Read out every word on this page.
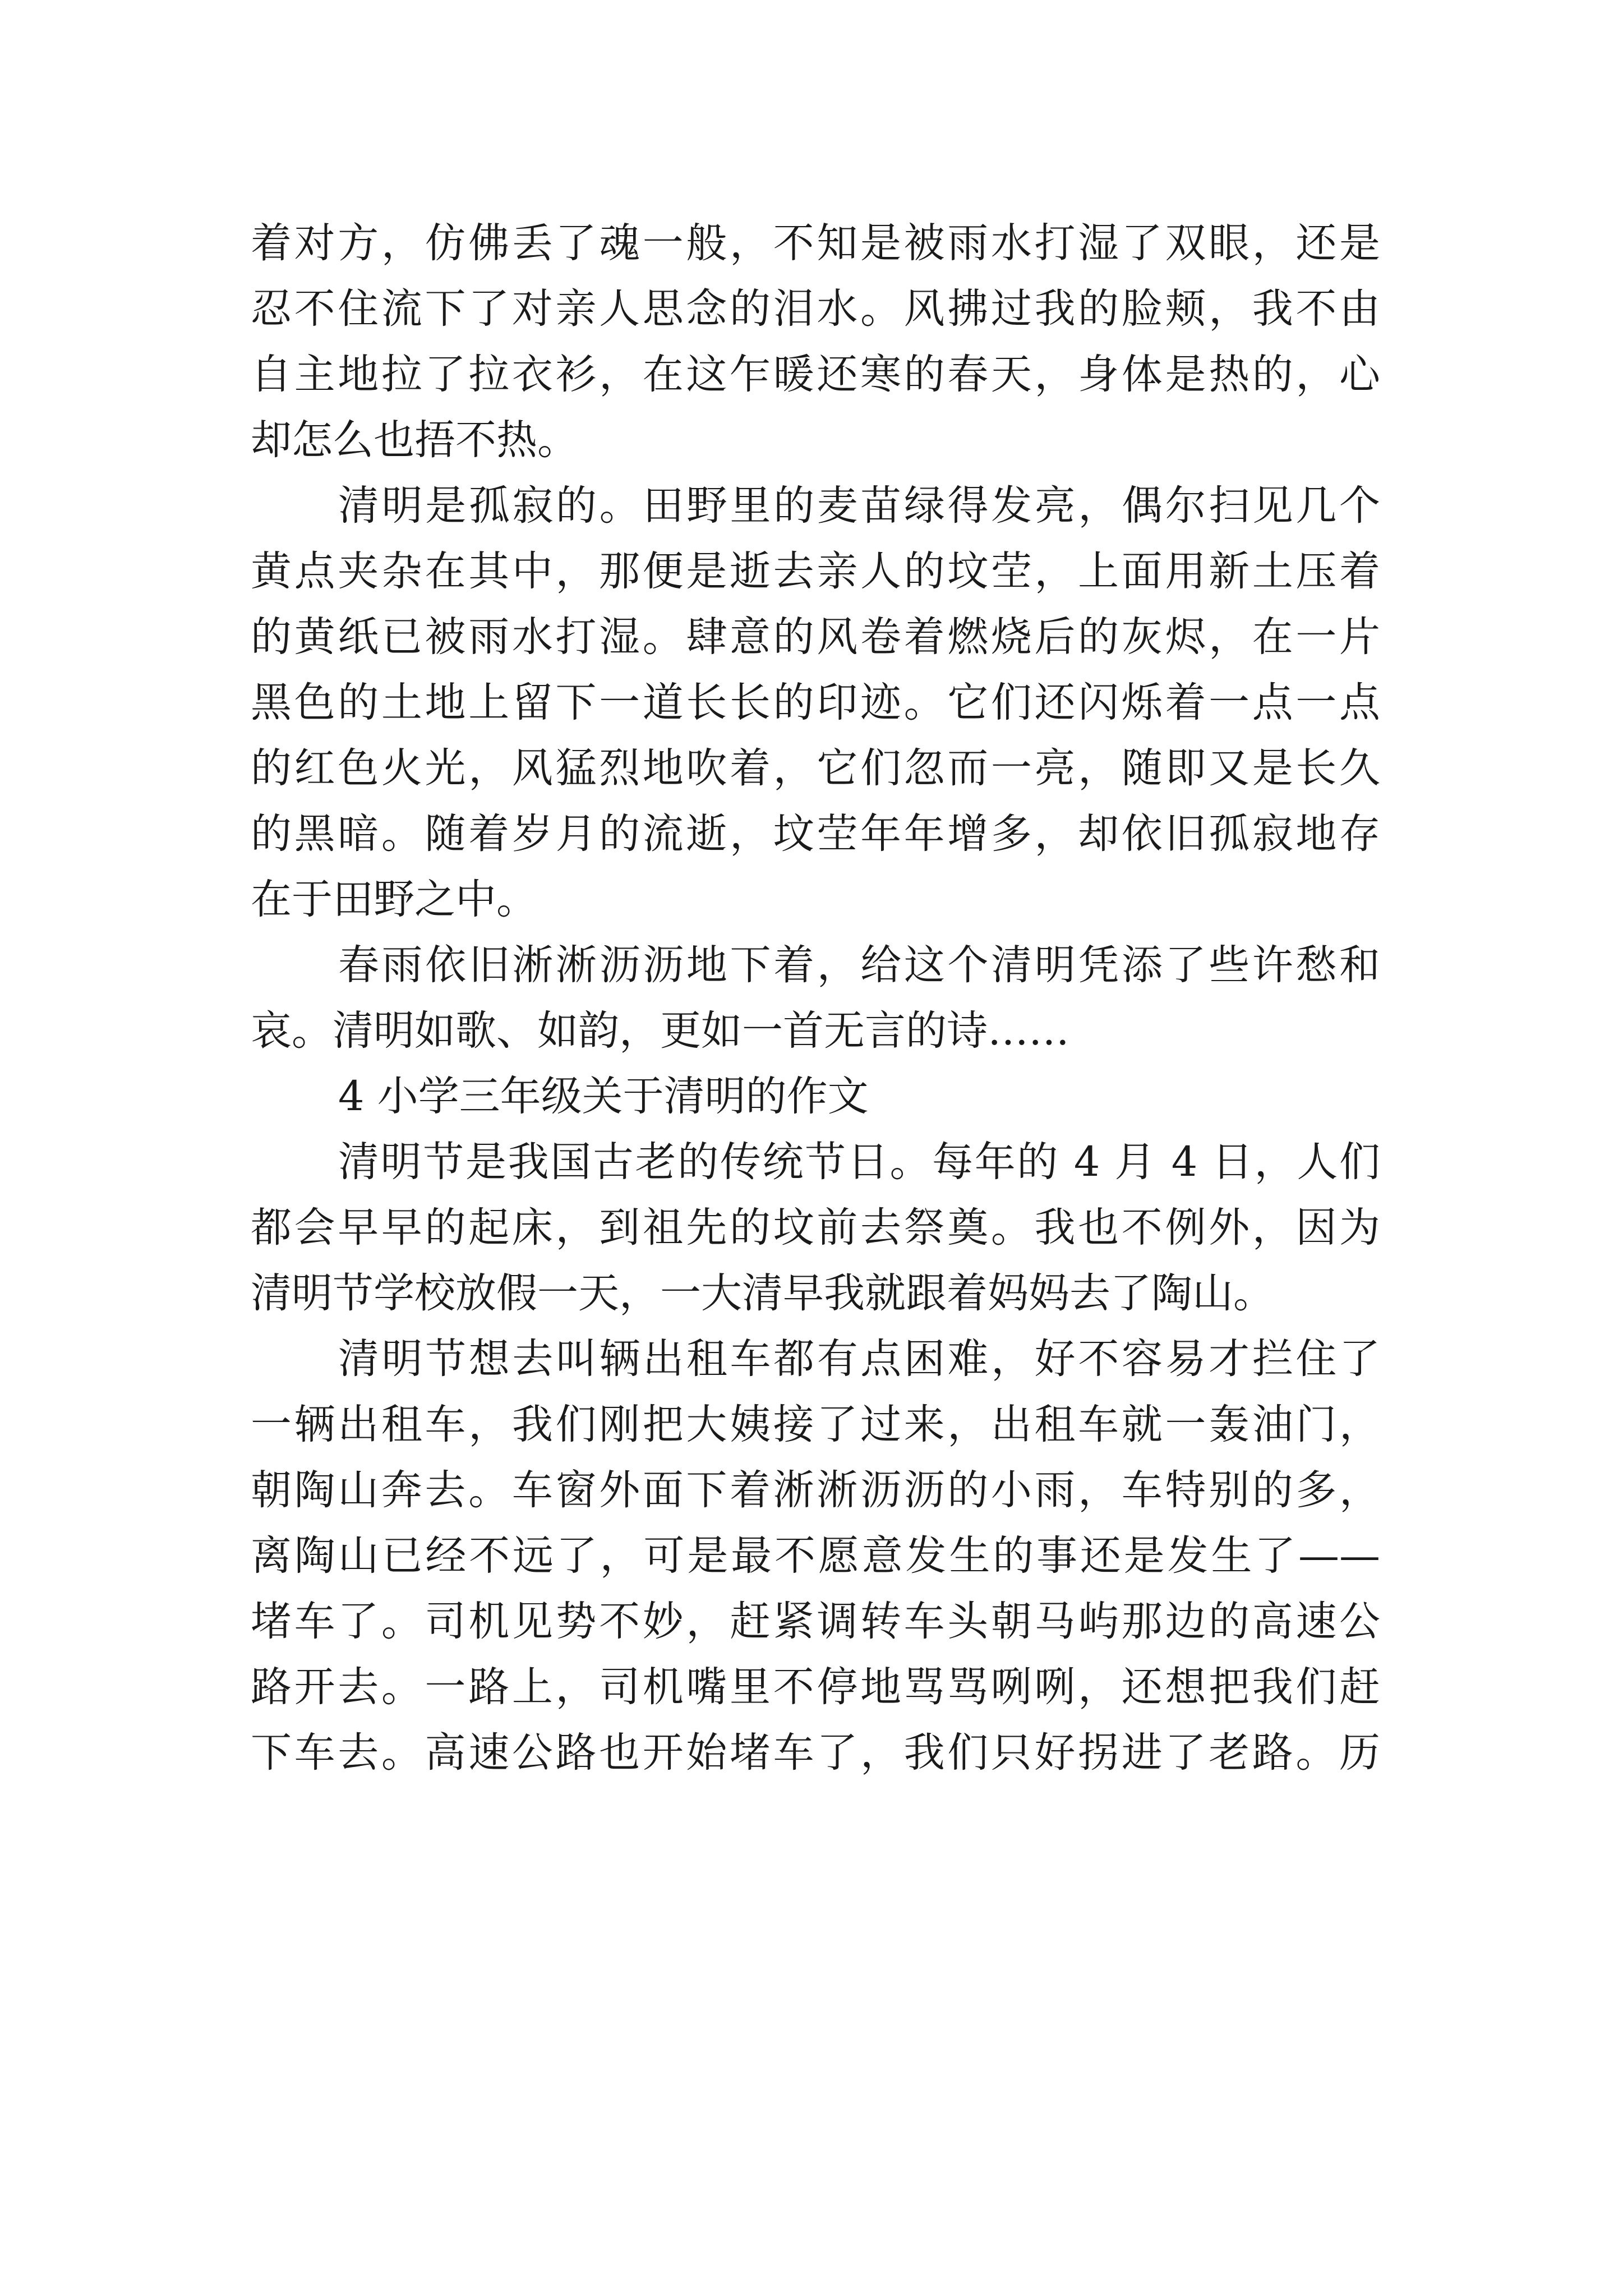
着对方，仿佛丢了魂一般，不知是被雨水打湿了双眼，还是
忍不住流下了对亲人思念的泪水。风拂过我的脸颊，我不由
自主地拉了拉衣衫，在这乍暖还寒的春天，身体是热的，心
却怎么也捂不热。
清明是孤寂的。田野里的麦苗绿得发亮，偶尔扫见几个
黄点夹杂在其中，那便是逝去亲人的坟茔，上面用新土压着
的黄纸已被雨水打湿。肆意的风卷着燃烧后的灰烬，在一片
黑色的土地上留下一道长长的印迹。它们还闪烁着一点一点
的红色火光，风猛烈地吹着，它们忽而一亮，随即又是长久
的黑暗。随着岁月的流逝，坟茔年年增多，却依旧孤寂地存
在于田野之中。
春雨依旧淅淅沥沥地下着，给这个清明凭添了些许愁和
哀。清明如歌、如韵，更如一首无言的诗……
4 小学三年级关于清明的作文
清明节是我国古老的传统节日。每年的 4 月 4 日，人们
都会早早的起床，到祖先的坟前去祭奠。我也不例外，因为
清明节学校放假一天，一大清早我就跟着妈妈去了陶山。
清明节想去叫辆出租车都有点困难，好不容易才拦住了
一辆出租车，我们刚把大姨接了过来，出租车就一轰油门，
朝陶山奔去。车窗外面下着淅淅沥沥的小雨，车特别的多，
离陶山已经不远了，可是最不愿意发生的事还是发生了——
堵车了。司机见势不妙，赶紧调转车头朝马屿那边的高速公
路开去。一路上，司机嘴里不停地骂骂咧咧，还想把我们赶
下车去。高速公路也开始堵车了，我们只好拐进了老路。历
